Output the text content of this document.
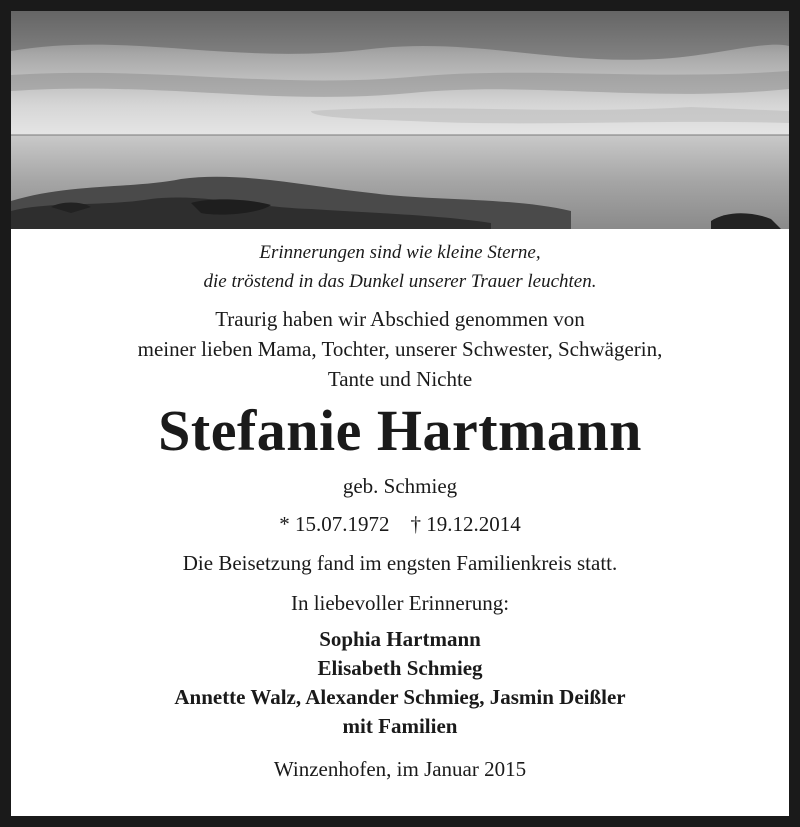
Erinnerungen sind wie kleine Sterne,
die tröstend in das Dunkel unserer Trauer leuchten.
Traurig haben wir Abschied genommen von
meiner lieben Mama, Tochter, unserer Schwester, Schwägerin,
Tante und Nichte
Stefanie Hartmann
geb. Schmieg
* 15.07.1972    † 19.12.2014
Die Beisetzung fand im engsten Familienkreis statt.
In liebevoller Erinnerung:
Sophia Hartmann
Elisabeth Schmieg
Annette Walz, Alexander Schmieg, Jasmin Deißler
mit Familien
Winzenhofen, im Januar 2015
